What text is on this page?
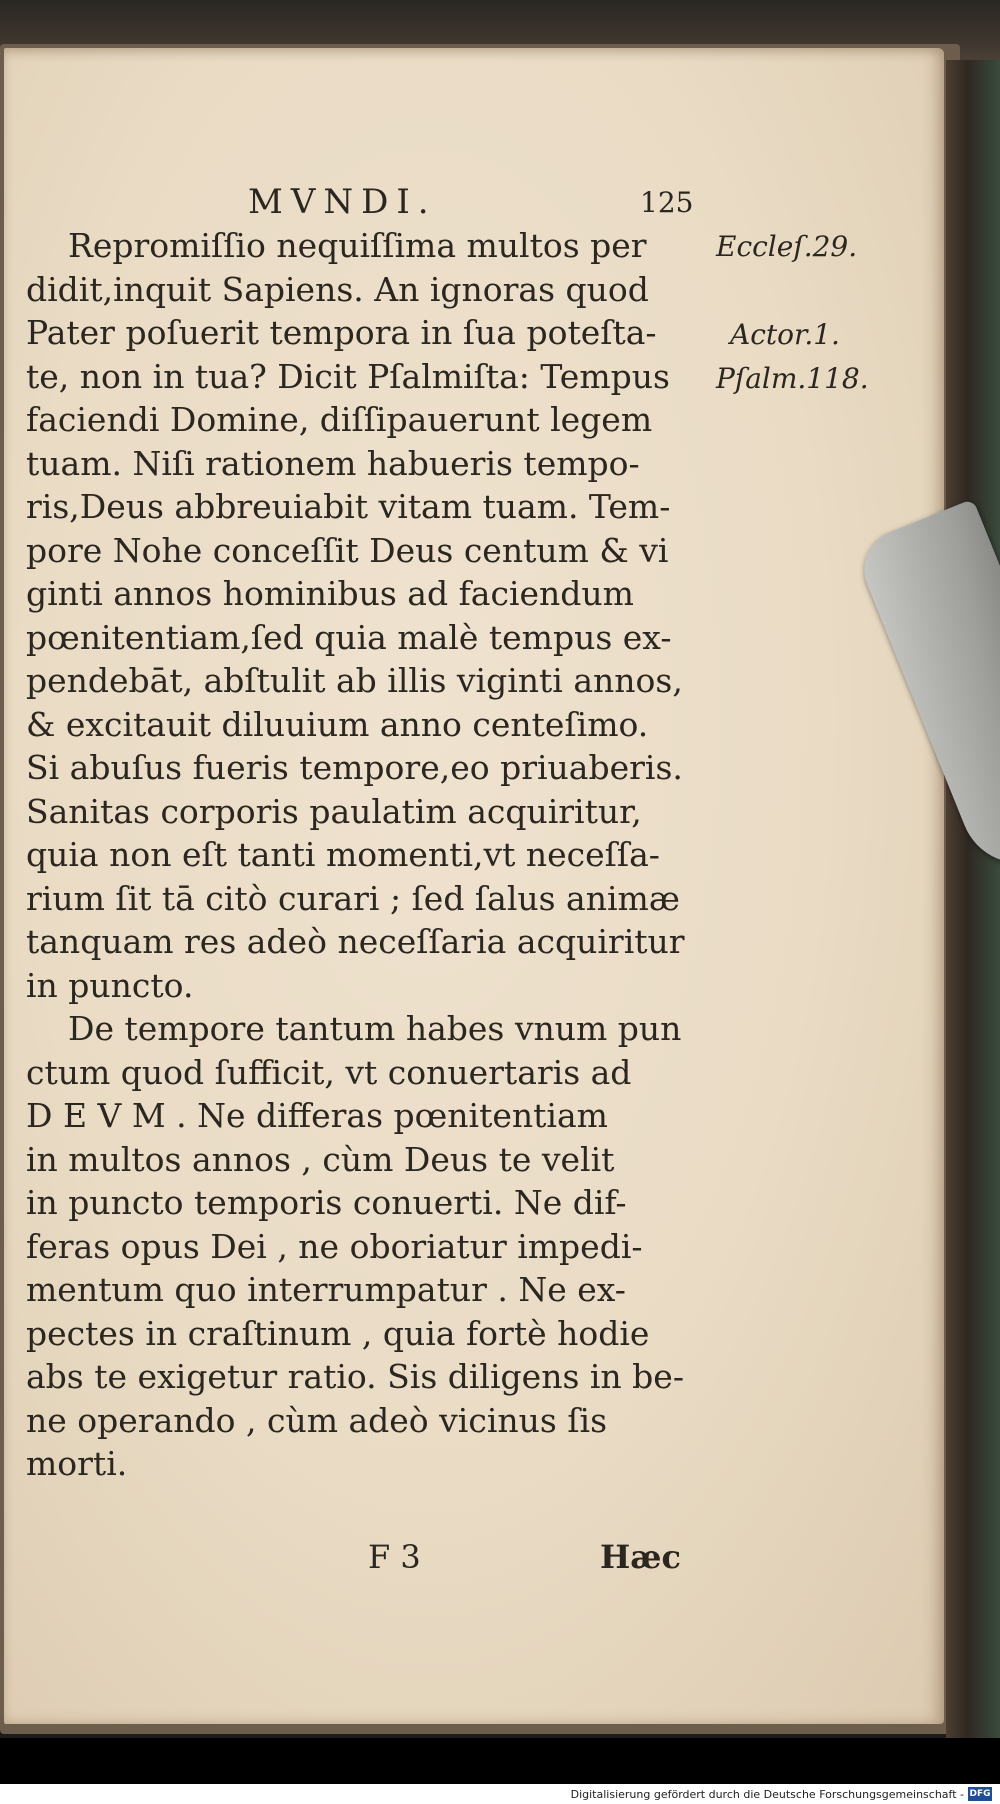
MVNDI.	125
Repromiſſio nequiſſima multos per
didit,inquit Sapiens. An ignoras quod
Pater poſuerit tempora in ſua poteſta-
te, non in tua? Dicit Pſalmiſta: Tempus
faciendi Domine, diſſipauerunt legem
tuam. Niſi rationem habueris tempo-
ris,Deus abbreuiabit vitam tuam. Tem-
pore Nohe conceſſit Deus centum & vi
ginti annos hominibus ad faciendum
pœnitentiam,ſed quia malè tempus ex-
pendebāt, abſtulit ab illis viginti annos,
& excitauit diluuium anno centeſimo.
Si abuſus fueris tempore,eo priuaberis.
Sanitas corporis paulatim acquiritur,
quia non eſt tanti momenti,vt neceſſa-
rium ſit tā citò curari ; ſed ſalus animæ
tanquam res adeò neceſſaria acquiritur
in puncto.
De tempore tantum habes vnum pun
ctum quod ſufficit, vt conuertaris ad
D E V M . Ne differas pœnitentiam
in multos annos , cùm Deus te velit
in puncto temporis conuerti. Ne dif-
feras opus Dei , ne oboriatur impedi-
mentum quo interrumpatur . Ne ex-
pectes in craſtinum , quia fortè hodie
abs te exigetur ratio. Sis diligens in be-
ne operando , cùm adeò vicinus ſis
morti.
Eccleſ.29.
Actor.1.
Pſalm.118.
F 3	Hæc
Digitalisierung gefördert durch die Deutsche Forschungsgemeinschaft - DFG
